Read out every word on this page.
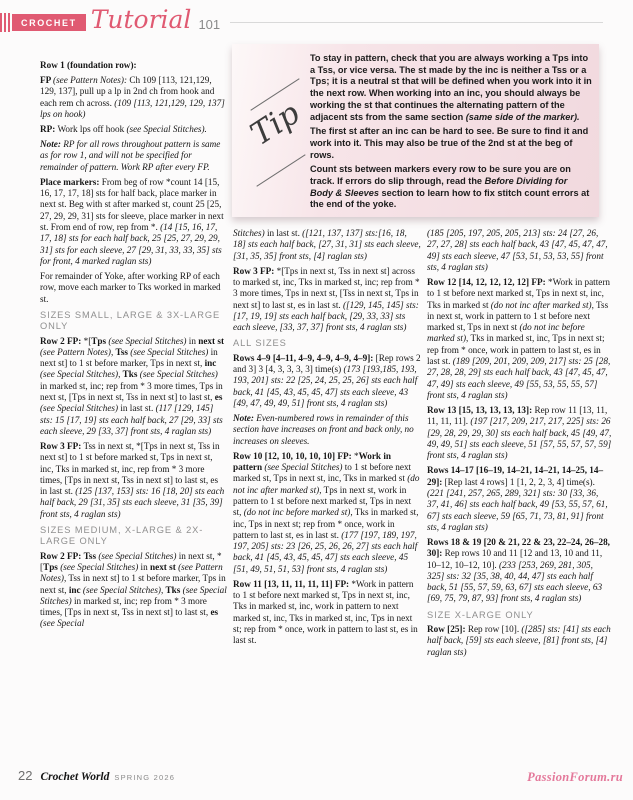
CROCHET Tutorial 101
Tip
To stay in pattern, check that you are always working a Tps into a Tss, or vice versa. The st made by the inc is neither a Tss or a Tps; it is a neutral st that will be defined when you work into it in the next row. When working into an inc, you should always be working the st that continues the alternating pattern of the adjacent sts from the same section (same side of the marker).
The first st after an inc can be hard to see. Be sure to find it and work into it. This may also be true of the 2nd st at the beg of rows.
Count sts between markers every row to be sure you are on track. If errors do slip through, read the Before Dividing for Body & Sleeves section to learn how to fix stitch count errors at the end of the yoke.
Row 1 (foundation row):
FP (see Pattern Notes): Ch 109 [113, 121,129, 129, 137], pull up a lp in 2nd ch from hook and each rem ch across. (109 [113, 121,129, 129, 137] lps on hook)
RP: Work lps off hook (see Special Stitches).
Note: RP for all rows throughout pattern is same as for row 1, and will not be specified for remainder of pattern. Work RP after every FP.
Place markers: From beg of row *count 14 [15, 16, 17, 17, 18] sts for half back, place marker in next st. Beg with st after marked st, count 25 [25, 27, 29, 29, 31] sts for sleeve, place marker in next st. From end of row, rep from *. (14 [15, 16, 17, 17, 18] sts for each half back, 25 [25, 27, 29, 29, 31] sts for each sleeve, 27 [29, 31, 33, 33, 35] sts for front, 4 marked raglan sts)
For remainder of Yoke, after working RP of each row, move each marker to Tks worked in marked st.
SIZES SMALL, LARGE & 3X-LARGE ONLY
Row 2 FP: *[Tps (see Special Stitches) in next st (see Pattern Notes), Tss (see Special Stitches) in next st] to 1 st before marker, Tps in next st, inc (see Special Stitches), Tks (see Special Stitches) in marked st, inc; rep from * 3 more times, Tps in next st, [Tps in next st, Tss in next st] to last st, es (see Special Stitches) in last st. (117 [129, 145] sts: 15 [17, 19] sts each half back, 27 [29, 33] sts each sleeve, 29 [33, 37] front sts, 4 raglan sts)
Row 3 FP: Tss in next st, *[Tps in next st, Tss in next st] to 1 st before marked st, Tps in next st, inc, Tks in marked st, inc, rep from * 3 more times, [Tps in next st, Tss in next st] to last st, es in last st. (125 [137, 153] sts: 16 [18, 20] sts each half back, 29 [31, 35] sts each sleeve, 31 [35, 39] front sts, 4 raglan sts)
SIZES MEDIUM, X-LARGE & 2X-LARGE ONLY
Row 2 FP: Tss (see Special Stitches) in next st, *[Tps (see Special Stitches) in next st (see Pattern Notes), Tss in next st] to 1 st before marker, Tps in next st, inc (see Special Stitches), Tks (see Special Stitches) in marked st, inc; rep from * 3 more times, [Tps in next st, Tss in next st] to last st, es (see Special
Stitches) in last st. ([121, 137, 137] sts:[16, 18, 18] sts each half back, [27, 31, 31] sts each sleeve, [31, 35, 35] front sts, [4] raglan sts)
Row 3 FP: *[Tps in next st, Tss in next st] across to marked st, inc, Tks in marked st, inc; rep from * 3 more times, Tps in next st, [Tss in next st, Tps in next st] to last st, es in last st. ([129, 145, 145] sts:[17, 19, 19] sts each half back, [29, 33, 33] sts each sleeve, [33, 37, 37] front sts, 4 raglan sts)
ALL SIZES
Rows 4–9 [4–11, 4–9, 4–9, 4–9, 4–9]: [Rep rows 2 and 3] 3 [4, 3, 3, 3, 3] time(s) (173 [193,185, 193, 193, 201] sts: 22 [25, 24, 25, 25, 26] sts each half back, 41 [45, 43, 45, 45, 47] sts each sleeve, 43 [49, 47, 49, 49, 51] front sts, 4 raglan sts)
Note: Even-numbered rows in remainder of this section have increases on front and back only, no increases on sleeves.
Row 10 [12, 10, 10, 10, 10] FP: *Work in pattern (see Special Stitches) to 1 st before next marked st, Tps in next st, inc, Tks in marked st (do not inc after marked st), Tps in next st, work in pattern to 1 st before next marked st, Tps in next st, (do not inc before marked st), Tks in marked st, inc, Tps in next st; rep from * once, work in pattern to last st, es in last st. (177 [197, 189, 197, 197, 205] sts: 23 [26, 25, 26, 26, 27] sts each half back, 41 [45, 43, 45, 45, 47] sts each sleeve, 45 [51, 49, 51, 51, 53] front sts, 4 raglan sts)
Row 11 [13, 11, 11, 11, 11] FP: *Work in pattern to 1 st before next marked st, Tps in next st, inc, Tks in marked st, inc, work in pattern to next marked st, inc, Tks in marked st, inc, Tps in next st; rep from * once, work in pattern to last st, es in last st.
(185 [205, 197, 205, 205, 213] sts: 24 [27, 26, 27, 27, 28] sts each half back, 43 [47, 45, 47, 47, 49] sts each sleeve, 47 [53, 51, 53, 53, 55] front sts, 4 raglan sts)
Row 12 [14, 12, 12, 12, 12] FP: *Work in pattern to 1 st before next marked st, Tps in next st, inc, Tks in marked st (do not inc after marked st), Tss in next st, work in pattern to 1 st before next marked st, Tps in next st (do not inc before marked st), Tks in marked st, inc, Tps in next st; rep from * once, work in pattern to last st, es in last st. (189 [209, 201, 209, 209, 217] sts: 25 [28, 27, 28, 28, 29] sts each half back, 43 [47, 45, 47, 47, 49] sts each sleeve, 49 [55, 53, 55, 55, 57] front sts, 4 raglan sts)
Row 13 [15, 13, 13, 13, 13]: Rep row 11 [13, 11, 11, 11, 11]. (197 [217, 209, 217, 217, 225] sts: 26 [29, 28, 29, 29, 30] sts each half back, 45 [49, 47, 49, 49, 51] sts each sleeve, 51 [57, 55, 57, 57, 59] front sts, 4 raglan sts)
Rows 14–17 [16–19, 14–21, 14–21, 14–25, 14–29]: [Rep last 4 rows] 1 [1, 2, 2, 3, 4] time(s). (221 [241, 257, 265, 289, 321] sts: 30 [33, 36, 37, 41, 46] sts each half back, 49 [53, 55, 57, 61, 67] sts each sleeve, 59 [65, 71, 73, 81, 91] front sts, 4 raglan sts)
Rows 18 & 19 [20 & 21, 22 & 23, 22–24, 26–28, 30]: Rep rows 10 and 11 [12 and 13, 10 and 11, 10–12, 10–12, 10]. (233 [253, 269, 281, 305, 325] sts: 32 [35, 38, 40, 44, 47] sts each half back, 51 [55, 57, 59, 63, 67] sts each sleeve, 63 [69, 75, 79, 87, 93] front sts, 4 raglan sts)
SIZE X-LARGE ONLY
Row [25]: Rep row [10]. ([285] sts: [41] sts each half back, [59] sts each sleeve, [81] front sts, [4] raglan sts)
22 Crochet World SPRING 2026	PassionForum.ru
